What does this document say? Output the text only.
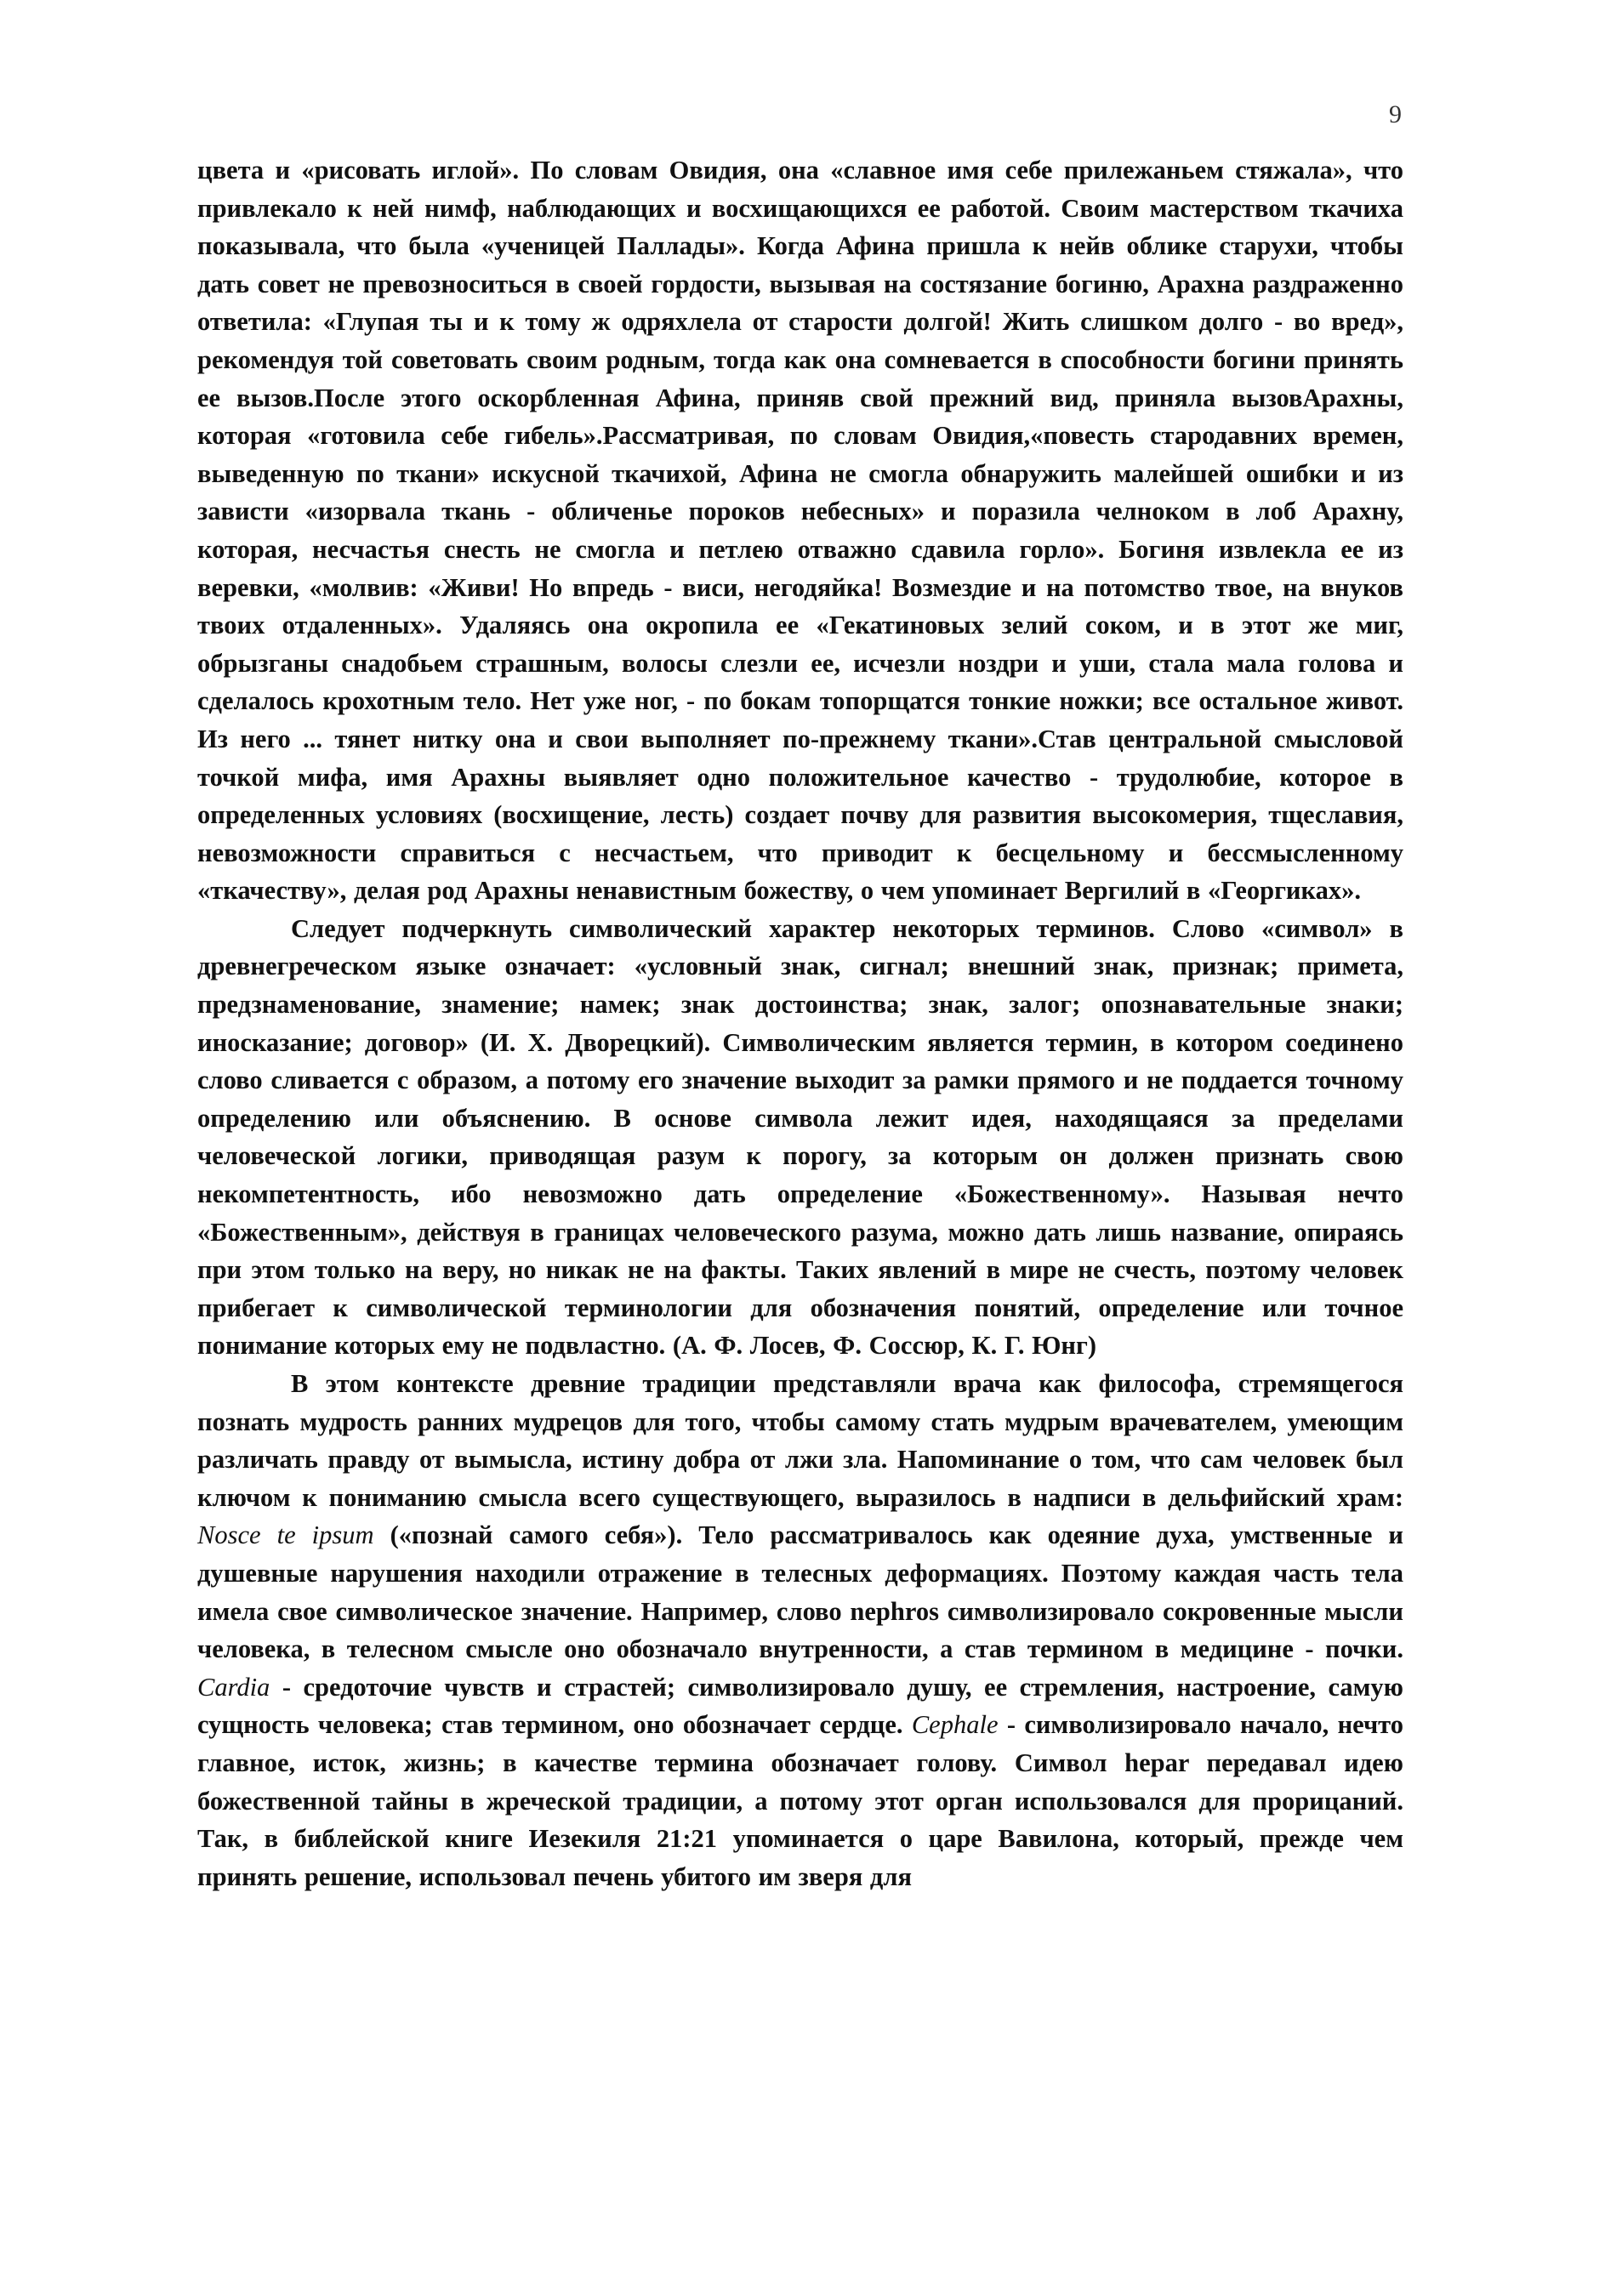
9

цвета и «рисовать иглой». По словам Овидия, она «славное имя себе прилежаньем стяжала», что привлекало к ней нимф, наблюдающих и восхищающихся ее работой. Своим мастерством ткачиха показывала, что была «ученицей Паллады». Когда Афина пришла к нейв облике старухи, чтобы дать совет не превозноситься в своей гордости, вызывая на состязание богиню, Арахна раздраженно ответила: «Глупая ты и к тому ж одряхлела от старости долгой! Жить слишком долго - во вред», рекомендуя той советовать своим родным, тогда как она сомневается в способности богини принять ее вызов.После этого оскорбленная Афина, приняв свой прежний вид, приняла вызовАрахны, которая «готовила себе гибель».Рассматривая, по словам Овидия,«повесть стародавних времен, выведенную по ткани» искусной ткачихой, Афина не смогла обнаружить малейшей ошибки и из зависти «изорвала ткань - обличенье пороков небесных» и поразила челноком в лоб Арахну, которая, несчастья снесть не смогла и петлею отважно сдавила горло». Богиня извлекла ее из веревки, «молвив: «Живи! Но впредь - виси, негодяйка! Возмездие и на потомство твое, на внуков твоих отдаленных». Удаляясь она окропила ее «Гекатиновых зелий соком, и в этот же миг, обрызганы снадобьем страшным, волосы слезли ее, исчезли ноздри и уши, стала мала голова и сделалось крохотным тело. Нет уже ног, - по бокам топорщатся тонкие ножки; все остальное живот. Из него ... тянет нитку она и свои выполняет по-прежнему ткани».Став центральной смысловой точкой мифа, имя Арахны выявляет одно положительное качество - трудолюбие, которое в определенных условиях (восхищение, лесть) создает почву для развития высокомерия, тщеславия, невозможности справиться с несчастьем, что приводит к бесцельному и бессмысленному «ткачеству», делая род Арахны ненавистным божеству, о чем упоминает Вергилий в «Георгиках».

Следует подчеркнуть символический характер некоторых терминов. Слово «символ» в древнегреческом языке означает: «условный знак, сигнал; внешний знак, признак; примета, предзнаменование, знамение; намек; знак достоинства; знак, залог; опознавательные знаки; иносказание; договор» (И. Х. Дворецкий). Символическим является термин, в котором соединено слово сливается с образом, а потому его значение выходит за рамки прямого и не поддается точному определению или объяснению. В основе символа лежит идея, находящаяся за пределами человеческой логики, приводящая разум к порогу, за которым он должен признать свою некомпетентность, ибо невозможно дать определение «Божественному». Называя нечто «Божественным», действуя в границах человеческого разума, можно дать лишь название, опираясь при этом только на веру, но никак не на факты. Таких явлений в мире не счесть, поэтому человек прибегает к символической терминологии для обозначения понятий, определение или точное понимание которых ему не подвластно. (А. Ф. Лосев, Ф. Соссюр, К. Г. Юнг)

В этом контексте древние традиции представляли врача как философа, стремящегося познать мудрость ранних мудрецов для того, чтобы самому стать мудрым врачевателем, умеющим различать правду от вымысла, истину добра от лжи зла. Напоминание о том, что сам человек был ключом к пониманию смысла всего существующего, выразилось в надписи в дельфийский храм: Nosce te ipsum («познай самого себя»). Тело рассматривалось как одеяние духа, умственные и душевные нарушения находили отражение в телесных деформациях. Поэтому каждая часть тела имела свое символическое значение. Например, слово nephros символизировало сокровенные мысли человека, в телесном смысле оно обозначало внутренности, а став термином в медицине - почки. Cardia - средоточие чувств и страстей; символизировало душу, ее стремления, настроение, самую сущность человека; став термином, оно обозначает сердце. Cephale - символизировало начало, нечто главное, исток, жизнь; в качестве термина обозначает голову. Символ hepar передавал идею божественной тайны в жреческой традиции, а потому этот орган использовался для прорицаний. Так, в библейской книге Иезекиля 21:21 упоминается о царе Вавилона, который, прежде чем принять решение, использовал печень убитого им зверя для
